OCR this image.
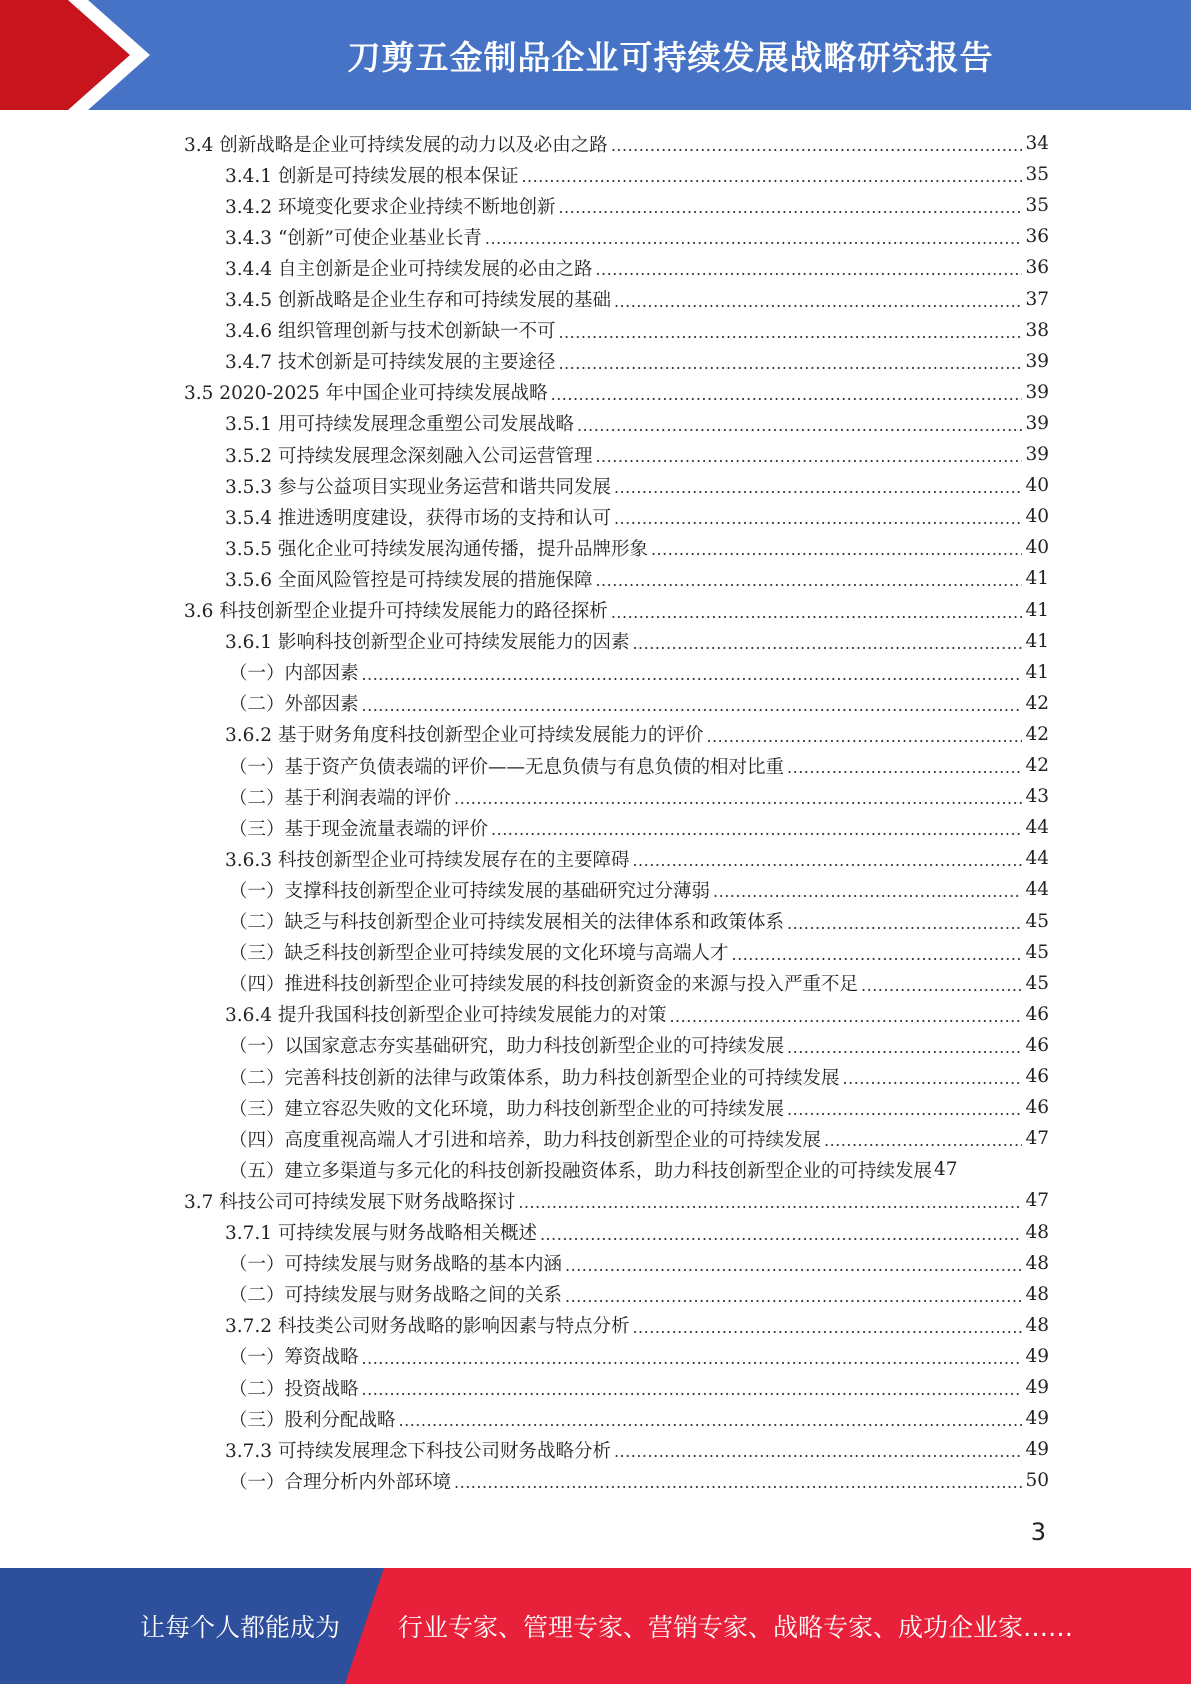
刀剪五金制品企业可持续发展战略研究报告
3.4 创新战略是企业可持续发展的动力以及必由之路 .....	34
3.4.1 创新是可持续发展的根本保证 .....	35
3.4.2 环境变化要求企业持续不断地创新 .....	35
3.4.3 “创新”可使企业基业长青 .....	36
3.4.4 自主创新是企业可持续发展的必由之路 .....	36
3.4.5 创新战略是企业生存和可持续发展的基础 .....	37
3.4.6 组织管理创新与技术创新缺一不可 .....	38
3.4.7 技术创新是可持续发展的主要途径 .....	39
3.5 2020-2025 年中国企业可持续发展战略 .....	39
3.5.1 用可持续发展理念重塑公司发展战略 .....	39
3.5.2 可持续发展理念深刻融入公司运营管理 .....	39
3.5.3 参与公益项目实现业务运营和谐共同发展 .....	40
3.5.4 推进透明度建设，获得市场的支持和认可 .....	40
3.5.5 强化企业可持续发展沟通传播，提升品牌形象 .....	40
3.5.6 全面风险管控是可持续发展的措施保障 .....	41
3.6 科技创新型企业提升可持续发展能力的路径探析 .....	41
3.6.1 影响科技创新型企业可持续发展能力的因素 .....	41
（一）内部因素 .....	41
（二）外部因素 .....	42
3.6.2 基于财务角度科技创新型企业可持续发展能力的评价 .....	42
（一）基于资产负债表端的评价——无息负债与有息负债的相对比重 .....	42
（二）基于利润表端的评价 .....	43
（三）基于现金流量表端的评价 .....	44
3.6.3 科技创新型企业可持续发展存在的主要障碍 .....	44
（一）支撑科技创新型企业可持续发展的基础研究过分薄弱 .....	44
（二）缺乏与科技创新型企业可持续发展相关的法律体系和政策体系 .....	45
（三）缺乏科技创新型企业可持续发展的文化环境与高端人才 .....	45
（四）推进科技创新型企业可持续发展的科技创新资金的来源与投入严重不足 .....	45
3.6.4 提升我国科技创新型企业可持续发展能力的对策 .....	46
（一）以国家意志夯实基础研究，助力科技创新型企业的可持续发展 .....	46
（二）完善科技创新的法律与政策体系，助力科技创新型企业的可持续发展 .....	46
（三）建立容忍失败的文化环境，助力科技创新型企业的可持续发展 .....	46
（四）高度重视高端人才引进和培养，助力科技创新型企业的可持续发展 .....	47
（五）建立多渠道与多元化的科技创新投融资体系，助力科技创新型企业的可持续发展 ..... 47
3.7 科技公司可持续发展下财务战略探讨 .....	47
3.7.1 可持续发展与财务战略相关概述 .....	48
（一）可持续发展与财务战略的基本内涵 .....	48
（二）可持续发展与财务战略之间的关系 .....	48
3.7.2 科技类公司财务战略的影响因素与特点分析 .....	48
（一）筹资战略 .....	49
（二）投资战略 .....	49
（三）股利分配战略 .....	49
3.7.3 可持续发展理念下科技公司财务战略分析 .....	49
（一）合理分析内外部环境 .....	50
3
让每个人都能成为 行业专家、管理专家、营销专家、战略专家、成功企业家……
